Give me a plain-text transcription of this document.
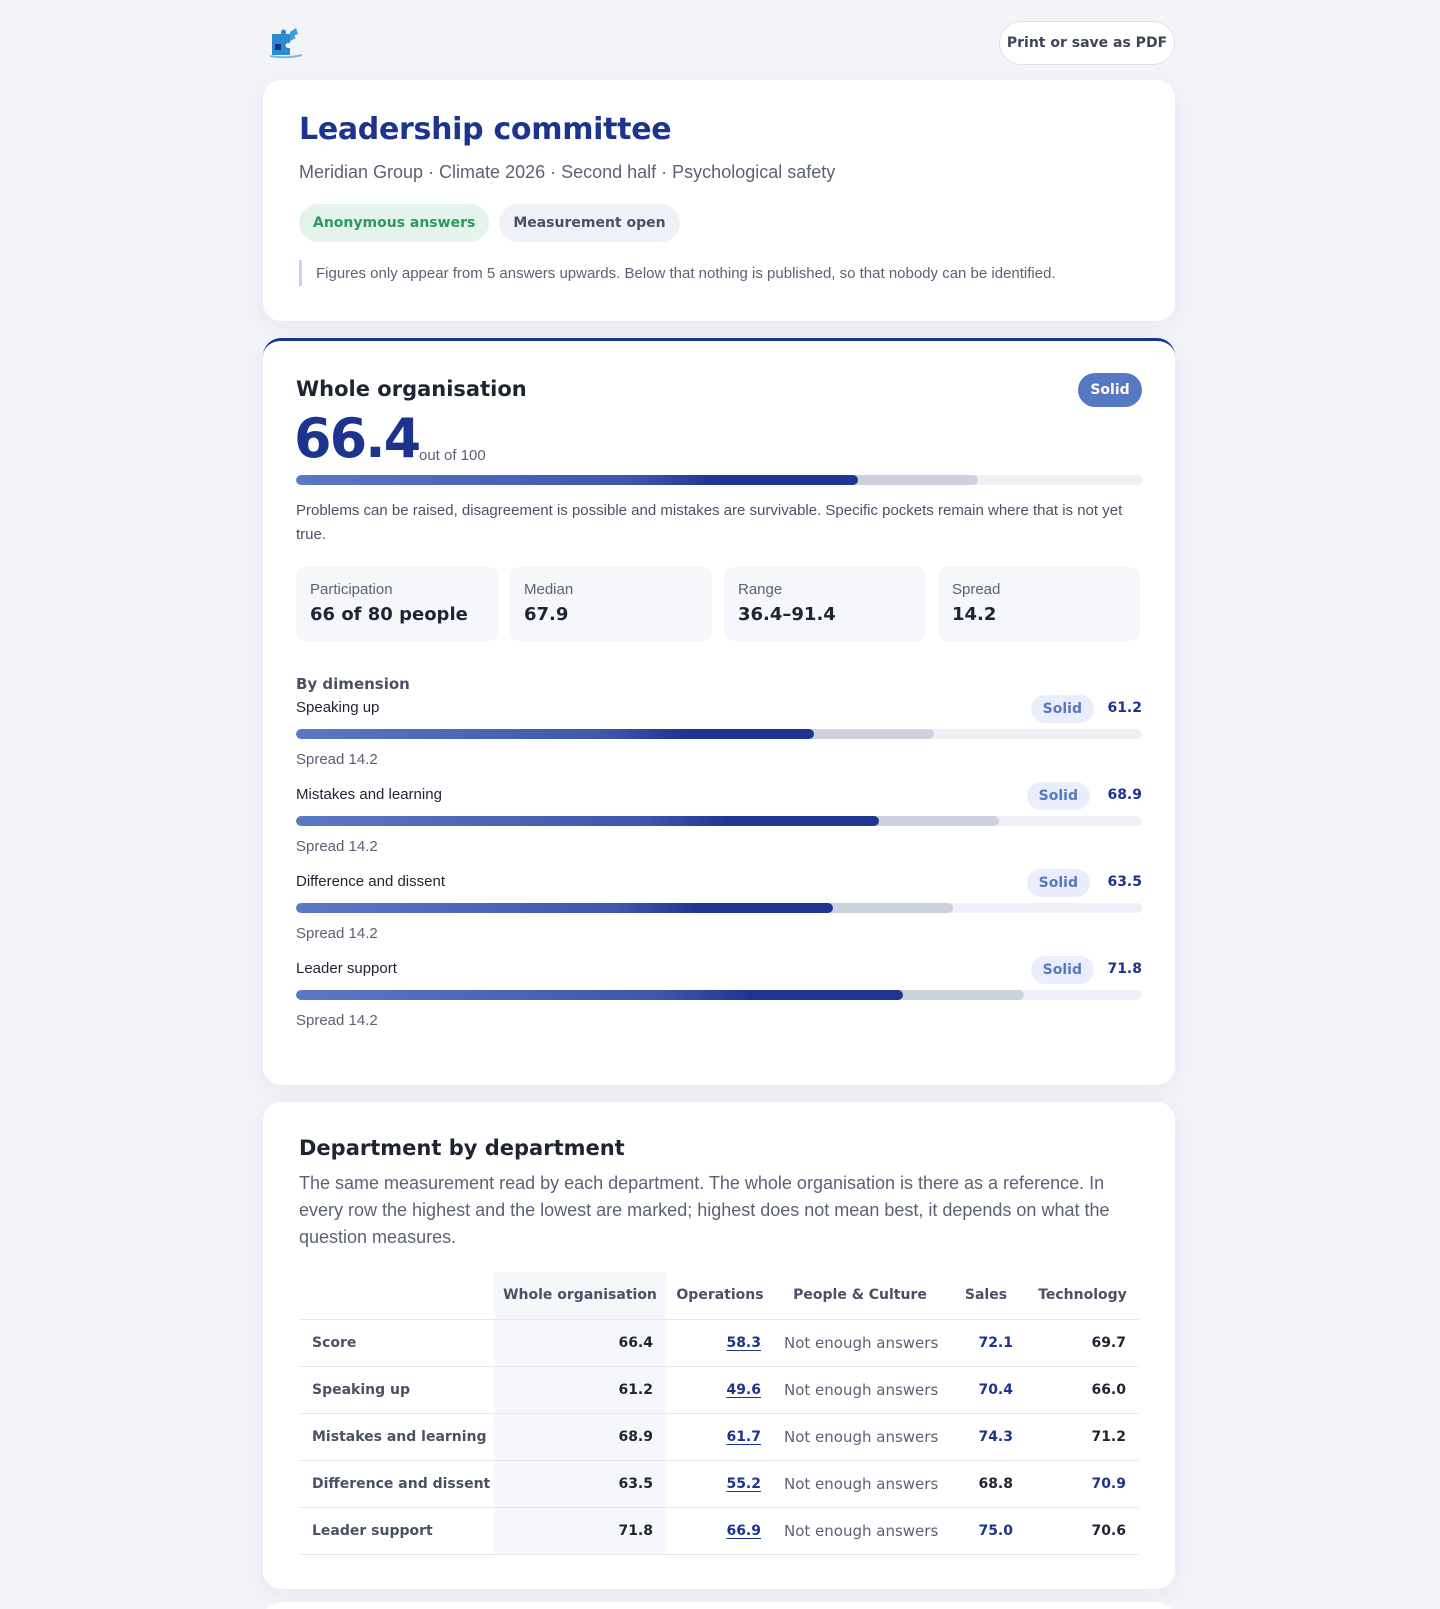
Print or save as PDF
Leadership committee
Meridian Group · Climate 2026 · Second half · Psychological safety
Anonymous answers	Measurement open
Figures only appear from 5 answers upwards. Below that nothing is published, so that nobody can be identified.
Whole organisation	Solid
66.4 out of 100
Problems can be raised, disagreement is possible and mistakes are survivable. Specific pockets remain where that is not yet true.
Participation
66 of 80 people
Median
67.9
Range
36.4–91.4
Spread
14.2
By dimension
Speaking up	Solid	61.2
Spread 14.2
Mistakes and learning	Solid	68.9
Spread 14.2
Difference and dissent	Solid	63.5
Spread 14.2
Leader support	Solid	71.8
Spread 14.2
Department by department
The same measurement read by each department. The whole organisation is there as a reference. In every row the highest and the lowest are marked; highest does not mean best, it depends on what the question measures.
	Whole organisation	Operations	People & Culture	Sales	Technology
Score	66.4	58.3	Not enough answers	72.1	69.7
Speaking up	61.2	49.6	Not enough answers	70.4	66.0
Mistakes and learning	68.9	61.7	Not enough answers	74.3	71.2
Difference and dissent	63.5	55.2	Not enough answers	68.8	70.9
Leader support	71.8	66.9	Not enough answers	75.0	70.6
